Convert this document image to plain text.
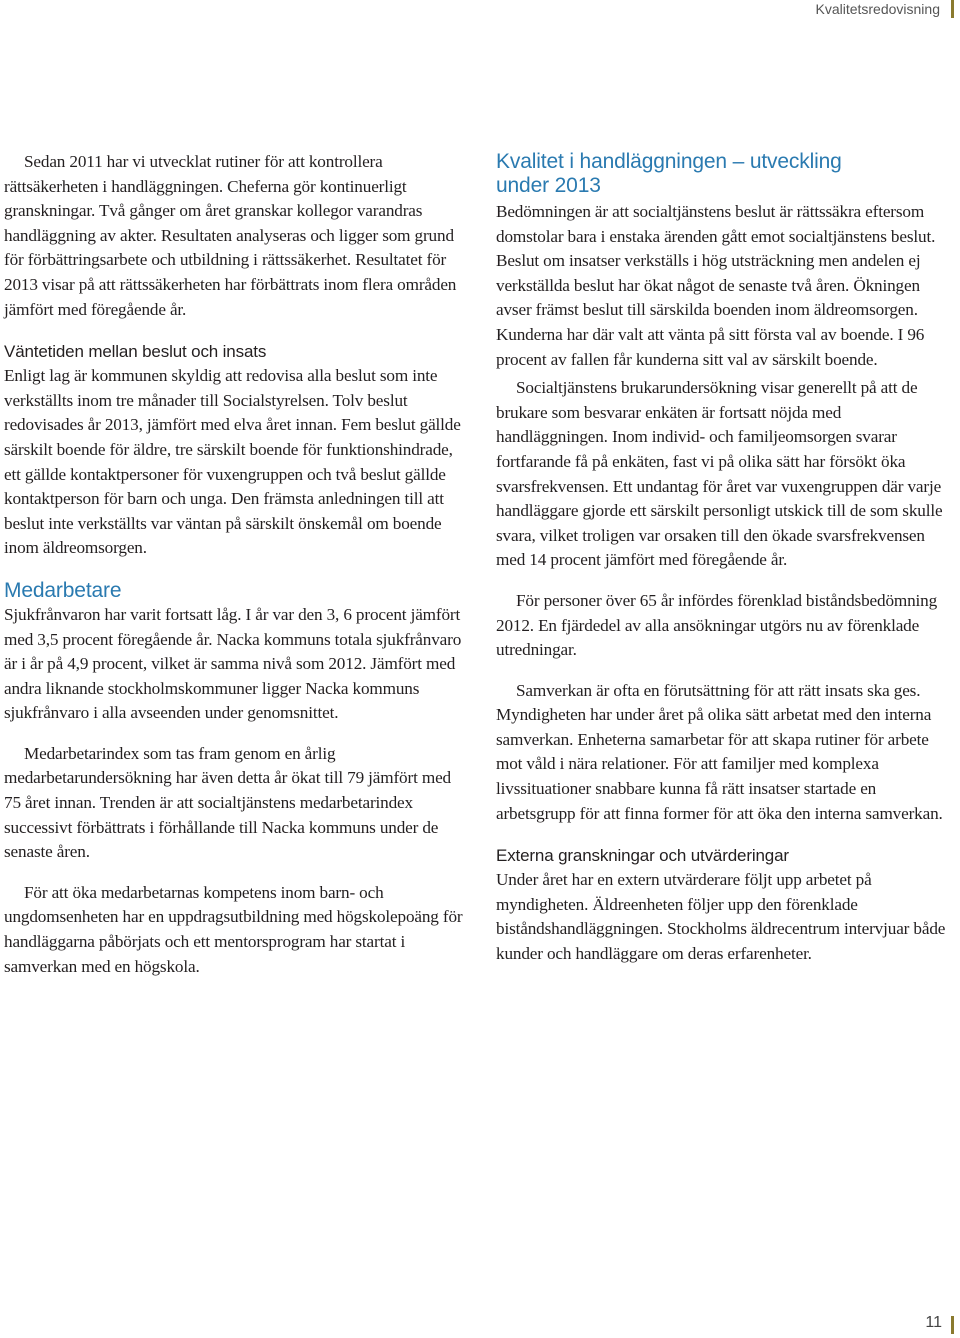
Kvalitetsredovisning

Sedan 2011 har vi utvecklat rutiner för att kontrollera rättsäkerheten i handläggningen. Cheferna gör kontinuerligt granskningar. Två gånger om året granskar kollegor varandras handläggning av akter. Resultaten analyseras och ligger som grund för förbättringsarbete och utbildning i rättssäkerhet. Resultatet för 2013 visar på att rättssäkerheten har förbättrats inom flera områden jämfört med föregående år.

Väntetiden mellan beslut och insats

Enligt lag är kommunen skyldig att redovisa alla beslut som inte verkställts inom tre månader till Socialstyrelsen. Tolv beslut redovisades år 2013, jämfört med elva året innan. Fem beslut gällde särskilt boende för äldre, tre särskilt boende för funktionshindrade, ett gällde kontaktpersoner för vuxengruppen och två beslut gällde kontaktperson för barn och unga. Den främsta anledningen till att beslut inte verkställts var väntan på särskilt önskemål om boende inom äldreomsorgen.

Medarbetare

Sjukfrånvaron har varit fortsatt låg. I år var den 3, 6 procent jämfört med 3,5 procent föregående år. Nacka kommuns totala sjukfrånvaro är i år på 4,9 procent, vilket är samma nivå som 2012. Jämfört med andra liknande stockholmskommuner ligger Nacka kommuns sjukfrånvaro i alla avseenden under genomsnittet.

Medarbetarindex som tas fram genom en årlig medarbetarundersökning har även detta år ökat till 79 jämfört med 75 året innan. Trenden är att socialtjänstens medarbetarindex successivt förbättrats i förhållande till Nacka kommuns under de senaste åren.

För att öka medarbetarnas kompetens inom barn- och ungdomsenheten har en uppdragsutbildning med högskolepoäng för handläggarna påbörjats och ett mentorsprogram har startat i samverkan med en högskola.

Kvalitet i handläggningen – utveckling under 2013

Bedömningen är att socialtjänstens beslut är rättssäkra eftersom domstolar bara i enstaka ärenden gått emot socialtjänstens beslut. Beslut om insatser verkställs i hög utsträckning men andelen ej verkställda beslut har ökat något de senaste två åren. Ökningen avser främst beslut till särskilda boenden inom äldreomsorgen. Kunderna har där valt att vänta på sitt första val av boende. I 96 procent av fallen får kunderna sitt val av särskilt boende.

Socialtjänstens brukarundersökning visar generellt på att de brukare som besvarar enkäten är fortsatt nöjda med handläggningen. Inom individ- och familjeomsorgen svarar fortfarande få på enkäten, fast vi på olika sätt har försökt öka svarsfrekvensen. Ett undantag för året var vuxengruppen där varje handläggare gjorde ett särskilt personligt utskick till de som skulle svara, vilket troligen var orsaken till den ökade svarsfrekvensen med 14 procent jämfört med föregående år.

För personer över 65 år infördes förenklad biståndsbedömning 2012. En fjärdedel av alla ansökningar utgörs nu av förenklade utredningar.

Samverkan är ofta en förutsättning för att rätt insats ska ges. Myndigheten har under året på olika sätt arbetat med den interna samverkan. Enheterna samarbetar för att skapa rutiner för arbete mot våld i nära relationer. För att familjer med komplexa livssituationer snabbare kunna få rätt insatser startade en arbetsgrupp för att finna former för att öka den interna samverkan.

Externa granskningar och utvärderingar

Under året har en extern utvärderare följt upp arbetet på myndigheten. Äldreenheten följer upp den förenklade biståndshandläggningen. Stockholms äldrecentrum intervjuar både kunder och handläggare om deras erfarenheter.

11
